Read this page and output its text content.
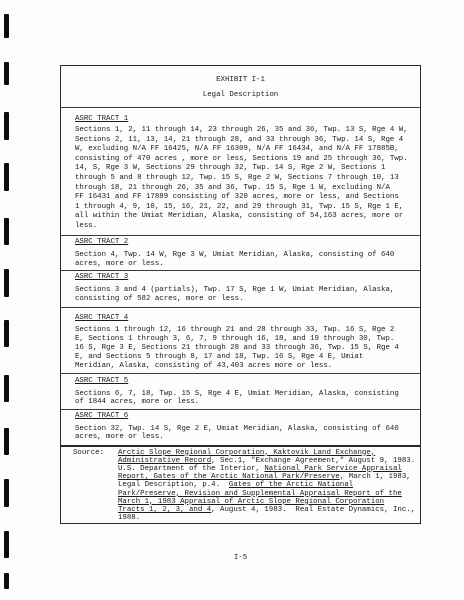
EXHIBIT I-1
Legal Description
ASRC TRACT 1
Sections 1, 2, 11 through 14, 23 through 26, 35 and 36, Twp. 13 S, Rge 4 W,
Sections 2, 11, 13, 14, 21 through 28, and 33 through 36, Twp. 14 S, Rge 4
W, excluding N/A FF 16425, N/A FF 16309, N/A FF 16434, and N/A FF 17885B,
consisting of 470 acres , more or less, Sections 19 and 25 through 36, Twp.
14, S, Rge 3 W, Sections 29 through 32, Twp. 14 S, Rge 2 W, Sections 1
through 5 and 8 through 12, Twp. 15 S, Rge 2 W, Sections 7 through 10, 13
through 18, 21 through 26, 35 and 36, Twp. 15 S, Rge 1 W, excluding N/A
FF 16431 and FF 17889 consisting of 320 acres, more or less, and Sections
1 through 4, 9, 10, 15, 16, 21, 22, and 29 through 31, Twp. 15 S, Rge 1 E,
all within the Umiat Meridian, Alaska, consisting of 54,163 acres, more or
less.
ASRC TRACT 2
Section 4, Twp. 14 W, Rge 3 W, Umiat Meridian, Alaska, consisting of 640
acres, more or less.
ASRC TRACT 3
Sections 3 and 4 (partials), Twp. 17 S, Rge 1 W, Umiat Meridian, Alaska,
consisting of 582 acres, more or less.
ASRC TRACT 4
Sections 1 through 12, 16 through 21 and 28 through 33, Twp. 16 S, Rge 2
E, Sections 1 through 3, 6, 7, 9 through 16, 18, and 19 through 30, Twp.
16 S, Rge 3 E, Sections 21 through 28 and 33 through 36, Twp. 15 S, Rge 4
E, and Sections 5 through 8, 17 and 18, Twp. 16 S, Rge 4 E, Umiat
Meridian, Alaska, consisting of 43,403 acres more or less.
ASRC TRACT 5
Sections 6, 7, 18, Twp. 15 S, Rge 4 E, Umiat Meridian, Alaska, consisting
of 1844 acres, more or less.
ASRC TRACT 6
Section 32, Twp. 14 S, Rge 2 E, Umiat Meridian, Alaska, consisting of 640
acres, more or less.
Source: Arctic Slope Regional Corporation, Kaktovik Land Exchange,
Administrative Record, Sec.1, "Exchange Agreement," August 9, 1983.
U.S. Department of the Interior, National Park Service Appraisal
Report, Gates of the Arctic National Park/Preserve, March 1, 1983,
Legal Description, p.4.  Gates of the Arctic National
Park/Preserve, Revision and Supplemental Appraisal Report of the
March 1, 1983 Appraisal of Arctic Slope Regional Corporation
Tracts 1, 2, 3, and 4, August 4, 1983.  Real Estate Dynamics, Inc.,
1988.
I-5
